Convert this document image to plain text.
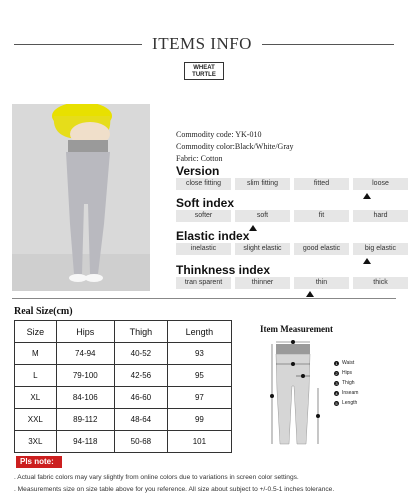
ITEMS INFO
WHEAT
TURTLE
Commodity code: YK-010
Commodity color:Black/White/Gray
Fabric: Cotton
Version
close fitting	slim fitting	fitted	loose
Soft index
softer	soft	fit	hard
Elastic index
inelastic	slight elastic	good elastic	big elastic
Thinkness index
tran sparent	thinner	thin	thick
Real Size(cm)
Size	Hips	Thigh	Length
M	74-94	40-52	93
L	79-100	42-56	95
XL	84-106	46-60	97
XXL	89-112	48-64	99
3XL	94-118	50-68	101
Item Measurement
1 Waist
2 Hips
3 Thigh
4 Inseam
5 Length
Pls note:
. Actual fabric colors may vary slightly from online colors due to variations in screen color settings.
. Measurements size on size table above for you reference. All size about subject to +/-0.5-1 inches tolerance.
